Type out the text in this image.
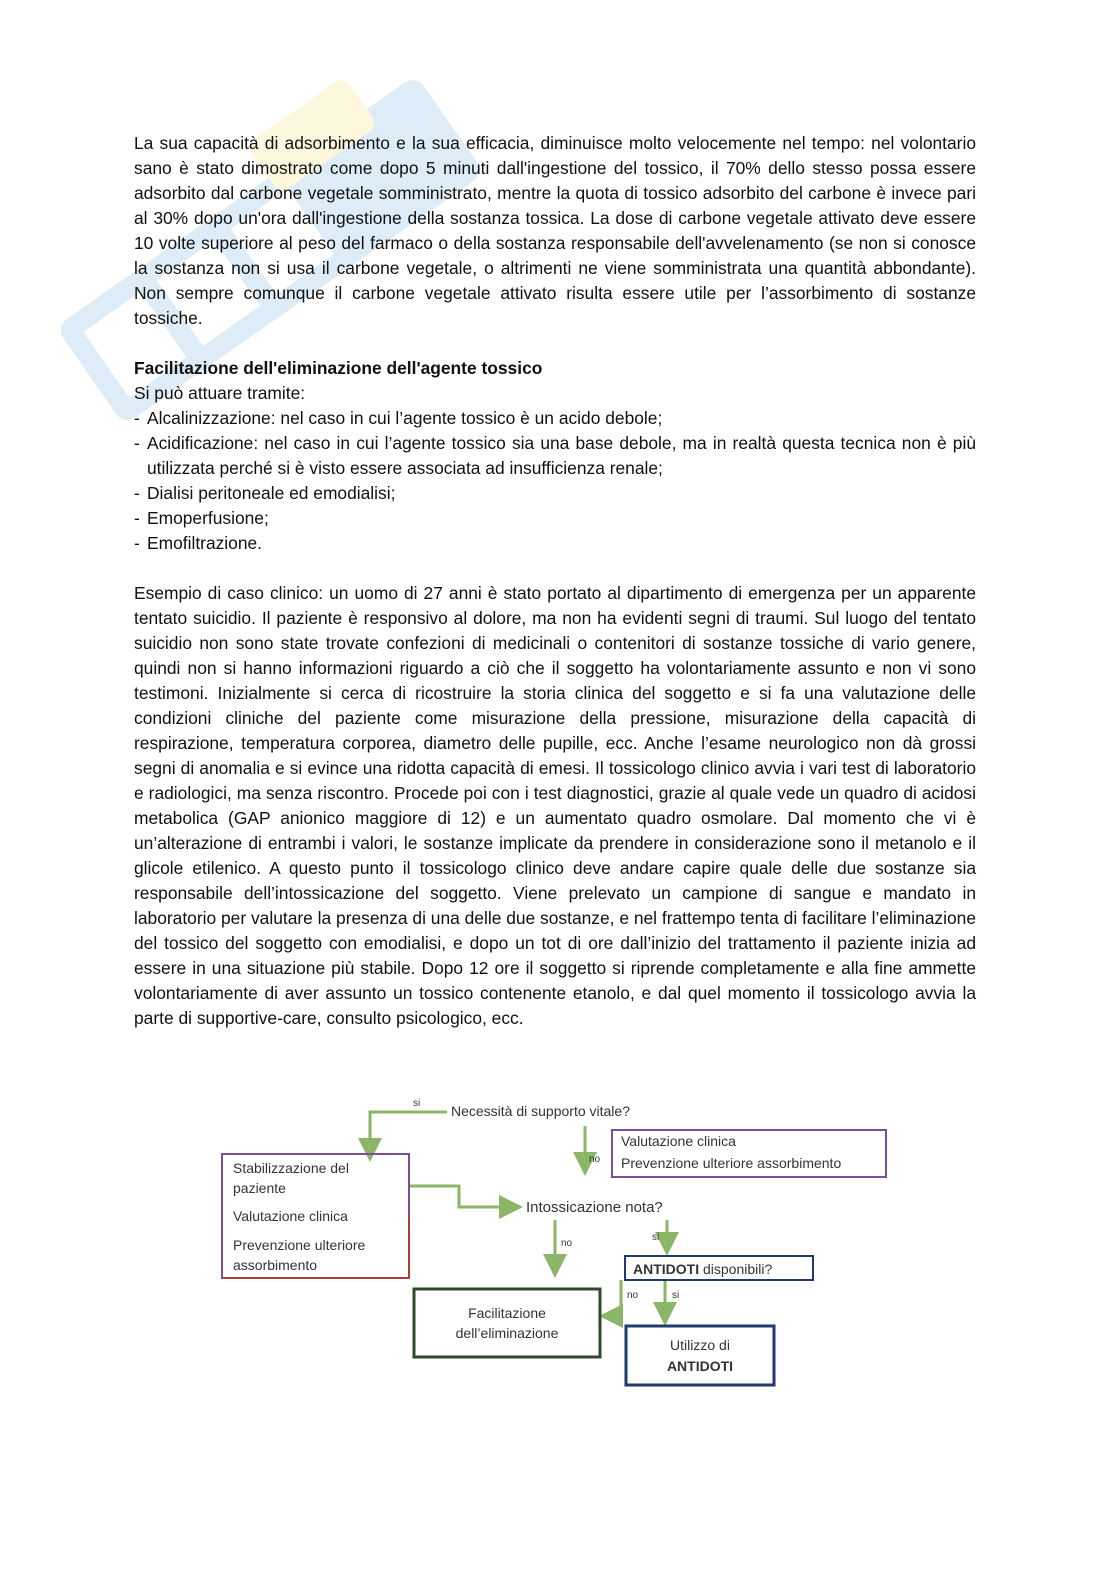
La sua capacità di adsorbimento e la sua efficacia, diminuisce molto velocemente nel tempo: nel volontario sano è stato dimostrato come dopo 5 minuti dall'ingestione del tossico, il 70% dello stesso possa essere adsorbito dal carbone vegetale somministrato, mentre la quota di tossico adsorbito del carbone è invece pari al 30% dopo un'ora dall'ingestione della sostanza tossica. La dose di carbone vegetale attivato deve essere 10 volte superiore al peso del farmaco o della sostanza responsabile dell'avvelenamento (se non si conosce la sostanza non si usa il carbone vegetale, o altrimenti ne viene somministrata una quantità abbondante). Non sempre comunque il carbone vegetale attivato risulta essere utile per l’assorbimento di sostanze tossiche.

Facilitazione dell'eliminazione dell'agente tossico

Si può attuare tramite:

- Alcalinizzazione: nel caso in cui l’agente tossico è un acido debole;
- Acidificazione: nel caso in cui l’agente tossico sia una base debole, ma in realtà questa tecnica non è più utilizzata perché si è visto essere associata ad insufficienza renale;
- Dialisi peritoneale ed emodialisi;
- Emoperfusione;
- Emofiltrazione.

Esempio di caso clinico: un uomo di 27 anni è stato portato al dipartimento di emergenza per un apparente tentato suicidio. Il paziente è responsivo al dolore, ma non ha evidenti segni di traumi. Sul luogo del tentato suicidio non sono state trovate confezioni di medicinali o contenitori di sostanze tossiche di vario genere, quindi non si hanno informazioni riguardo a ciò che il soggetto ha volontariamente assunto e non vi sono testimoni. Inizialmente si cerca di ricostruire la storia clinica del soggetto e si fa una valutazione delle condizioni cliniche del paziente come misurazione della pressione, misurazione della capacità di respirazione, temperatura corporea, diametro delle pupille, ecc. Anche l’esame neurologico non dà grossi segni di anomalia e si evince una ridotta capacità di emesi. Il tossicologo clinico avvia i vari test di laboratorio e radiologici, ma senza riscontro. Procede poi con i test diagnostici, grazie al quale vede un quadro di acidosi metabolica (GAP anionico maggiore di 12) e un aumentato quadro osmolare. Dal momento che vi è un’alterazione di entrambi i valori, le sostanze implicate da prendere in considerazione sono il metanolo e il glicole etilenico. A questo punto il tossicologo clinico deve andare capire quale delle due sostanze sia responsabile dell’intossicazione del soggetto. Viene prelevato un campione di sangue e mandato in laboratorio per valutare la presenza di una delle due sostanze, e nel frattempo tenta di facilitare l’eliminazione del tossico del soggetto con emodialisi, e dopo un tot di ore dall’inizio del trattamento il paziente inizia ad essere in una situazione più stabile. Dopo 12 ore il soggetto si riprende completamente e alla fine ammette volontariamente di aver assunto un tossico contenente etanolo, e dal quel momento il tossicologo avvia la parte di supportive-care, consulto psicologico, ecc.

si Necessità di supporto vitale?
no
Valutazione clinica
Prevenzione ulteriore assorbimento
Stabilizzazione del
paziente
Valutazione clinica
Prevenzione ulteriore
assorbimento
Intossicazione nota?
no
si
ANTIDOTI disponibili?
no	si
Facilitazione
dell’eliminazione
Utilizzo di
ANTIDOTI
